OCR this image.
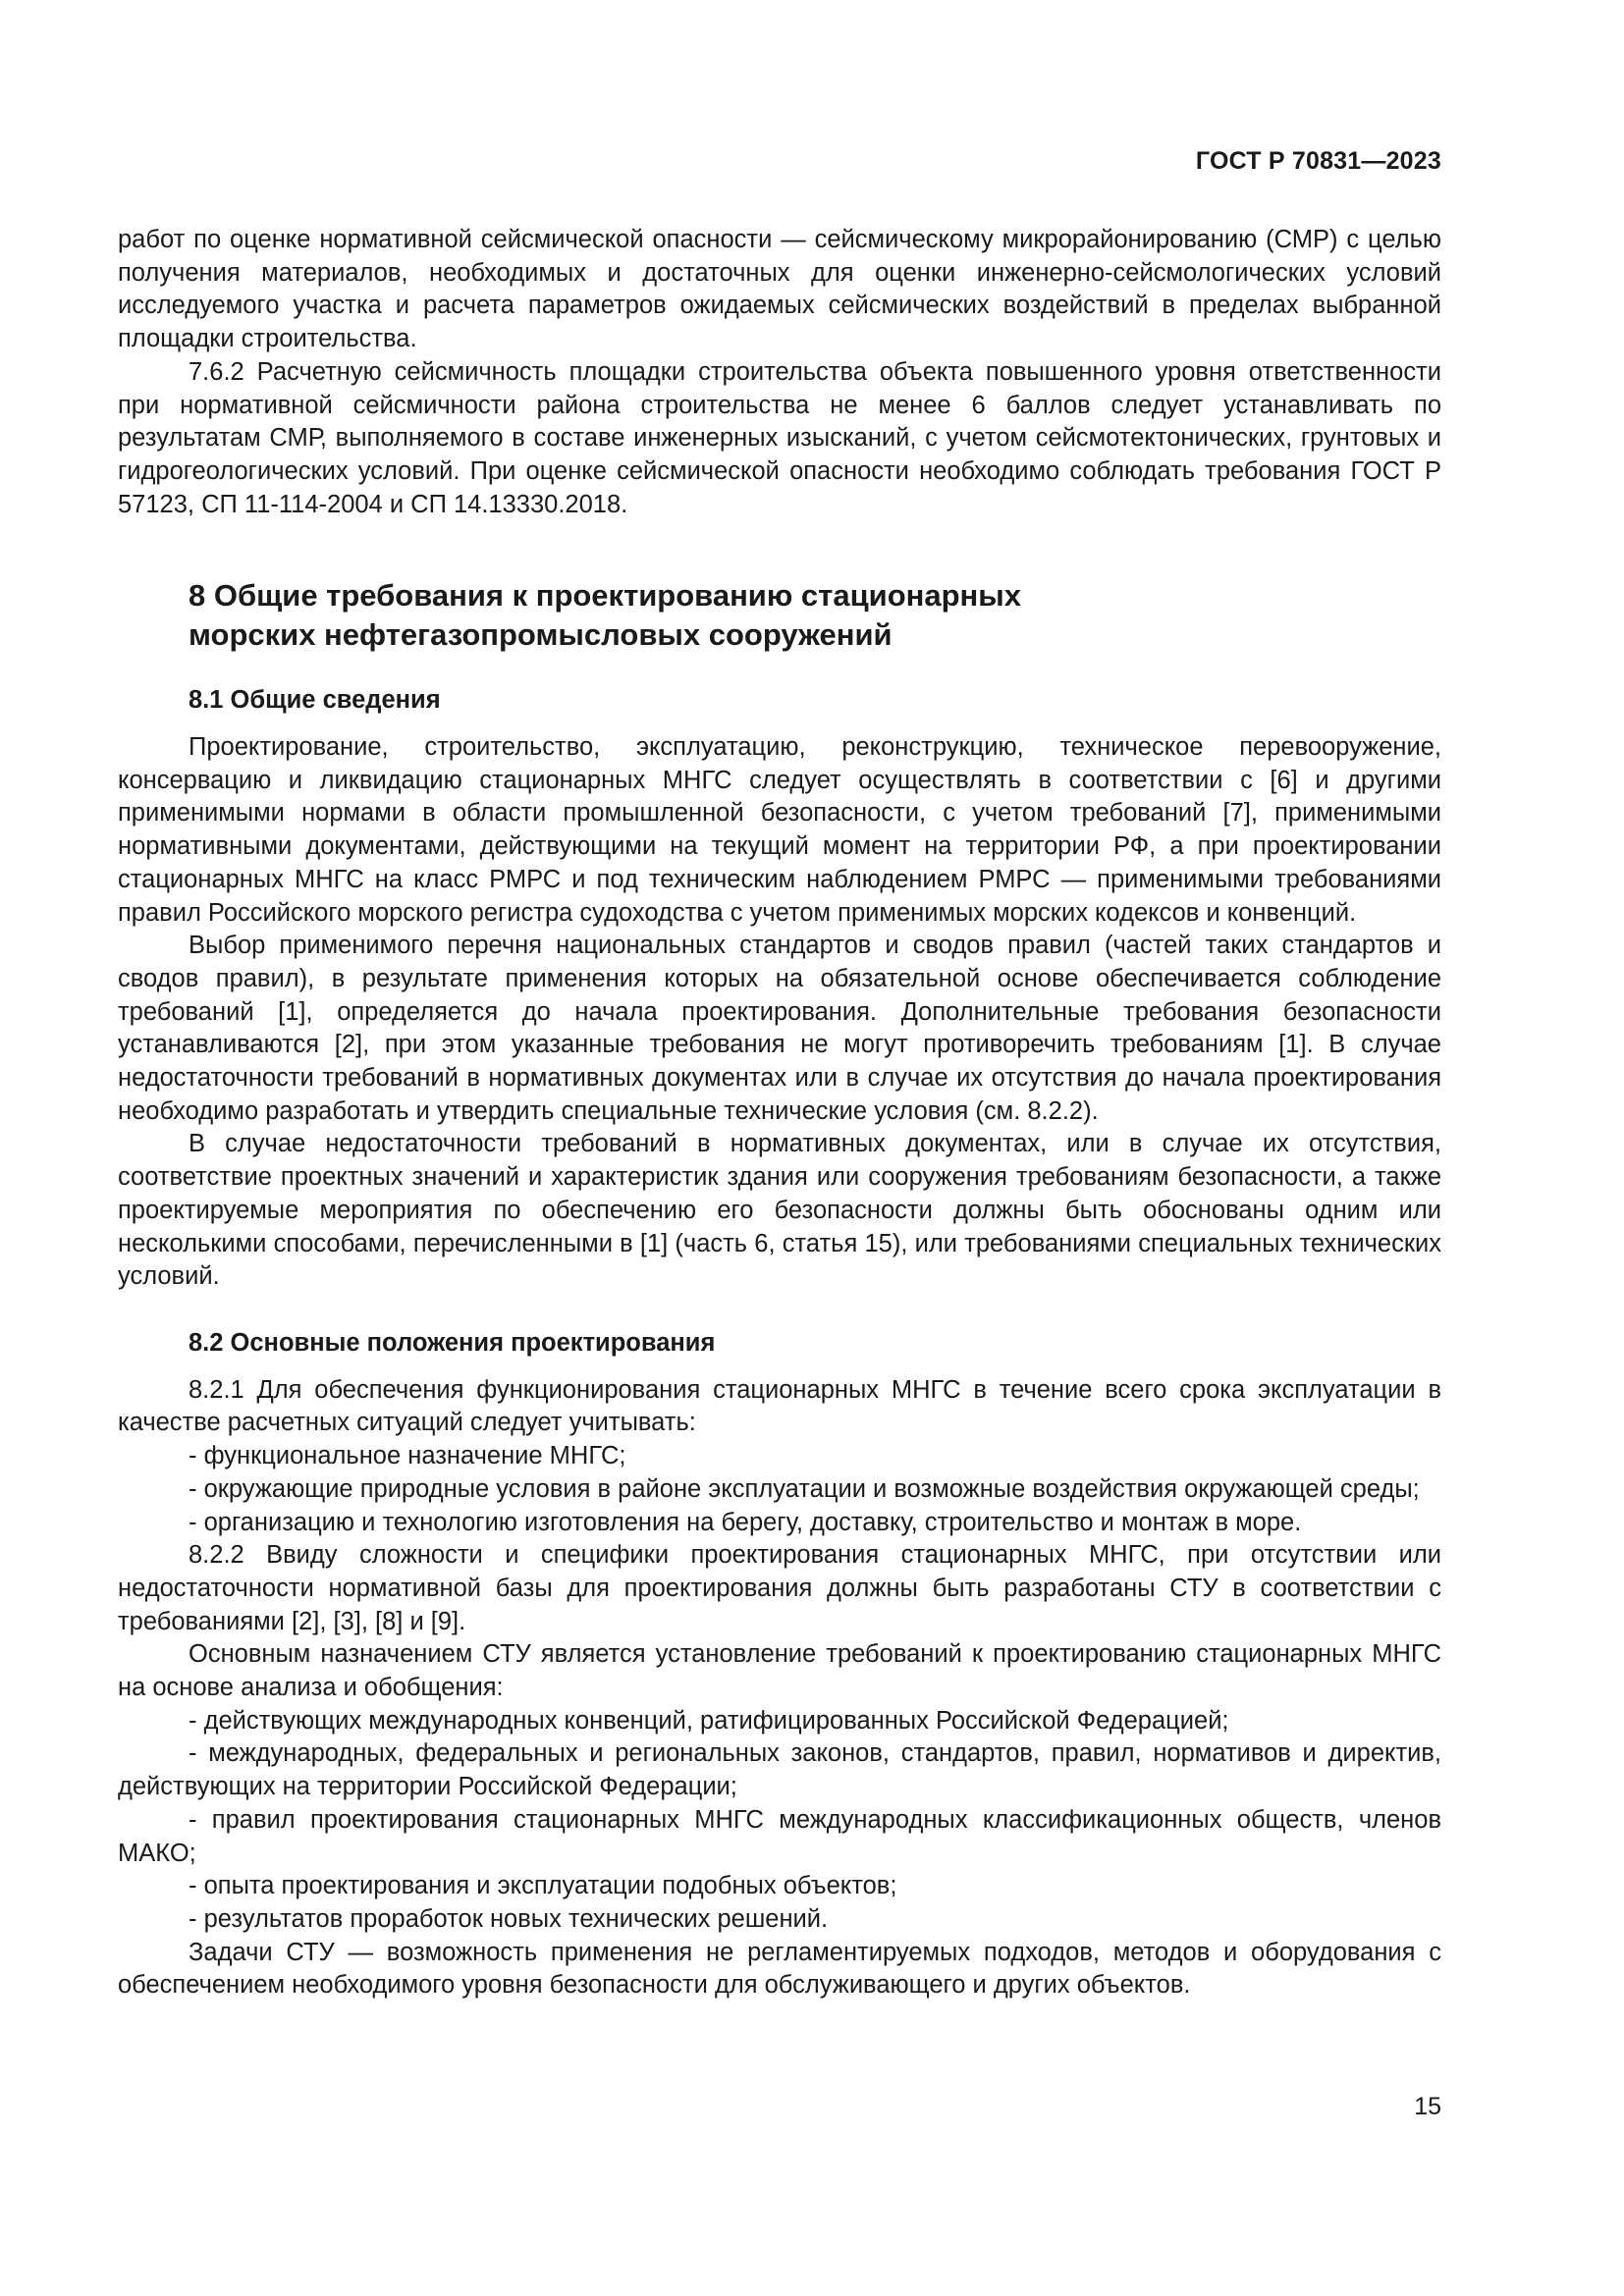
ГОСТ Р 70831—2023

работ по оценке нормативной сейсмической опасности — сейсмическому микрорайонированию (СМР) с целью получения материалов, необходимых и достаточных для оценки инженерно-сейсмологических условий исследуемого участка и расчета параметров ожидаемых сейсмических воздействий в пределах выбранной площадки строительства.

7.6.2 Расчетную сейсмичность площадки строительства объекта повышенного уровня ответственности при нормативной сейсмичности района строительства не менее 6 баллов следует устанавливать по результатам СМР, выполняемого в составе инженерных изысканий, с учетом сейсмотектонических, грунтовых и гидрогеологических условий. При оценке сейсмической опасности необходимо соблюдать требования ГОСТ Р 57123, СП 11-114-2004 и СП 14.13330.2018.

8 Общие требования к проектированию стационарных
морских нефтегазопромысловых сооружений
8.1 Общие сведения

Проектирование, строительство, эксплуатацию, реконструкцию, техническое перевооружение, консервацию и ликвидацию стационарных МНГС следует осуществлять в соответствии с [6] и другими применимыми нормами в области промышленной безопасности, с учетом требований [7], применимыми нормативными документами, действующими на текущий момент на территории РФ, а при проектировании стационарных МНГС на класс РМРС и под техническим наблюдением РМРС — применимыми требованиями правил Российского морского регистра судоходства с учетом применимых морских кодексов и конвенций.

Выбор применимого перечня национальных стандартов и сводов правил (частей таких стандартов и сводов правил), в результате применения которых на обязательной основе обеспечивается соблюдение требований [1], определяется до начала проектирования. Дополнительные требования безопасности устанавливаются [2], при этом указанные требования не могут противоречить требованиям [1]. В случае недостаточности требований в нормативных документах или в случае их отсутствия до начала проектирования необходимо разработать и утвердить специальные технические условия (см. 8.2.2).

В случае недостаточности требований в нормативных документах, или в случае их отсутствия, соответствие проектных значений и характеристик здания или сооружения требованиям безопасности, а также проектируемые мероприятия по обеспечению его безопасности должны быть обоснованы одним или несколькими способами, перечисленными в [1] (часть 6, статья 15), или требованиями специальных технических условий.

8.2 Основные положения проектирования

8.2.1 Для обеспечения функционирования стационарных МНГС в течение всего срока эксплуатации в качестве расчетных ситуаций следует учитывать:

- функциональное назначение МНГС;

- окружающие природные условия в районе эксплуатации и возможные воздействия окружающей среды;

- организацию и технологию изготовления на берегу, доставку, строительство и монтаж в море.

8.2.2 Ввиду сложности и специфики проектирования стационарных МНГС, при отсутствии или недостаточности нормативной базы для проектирования должны быть разработаны СТУ в соответствии с требованиями [2], [3], [8] и [9].

Основным назначением СТУ является установление требований к проектированию стационарных МНГС на основе анализа и обобщения:

- действующих международных конвенций, ратифицированных Российской Федерацией;

- международных, федеральных и региональных законов, стандартов, правил, нормативов и директив, действующих на территории Российской Федерации;

- правил проектирования стационарных МНГС международных классификационных обществ, членов МАКО;

- опыта проектирования и эксплуатации подобных объектов;

- результатов проработок новых технических решений.

Задачи СТУ — возможность применения не регламентируемых подходов, методов и оборудования с обеспечением необходимого уровня безопасности для обслуживающего и других объектов.

15
